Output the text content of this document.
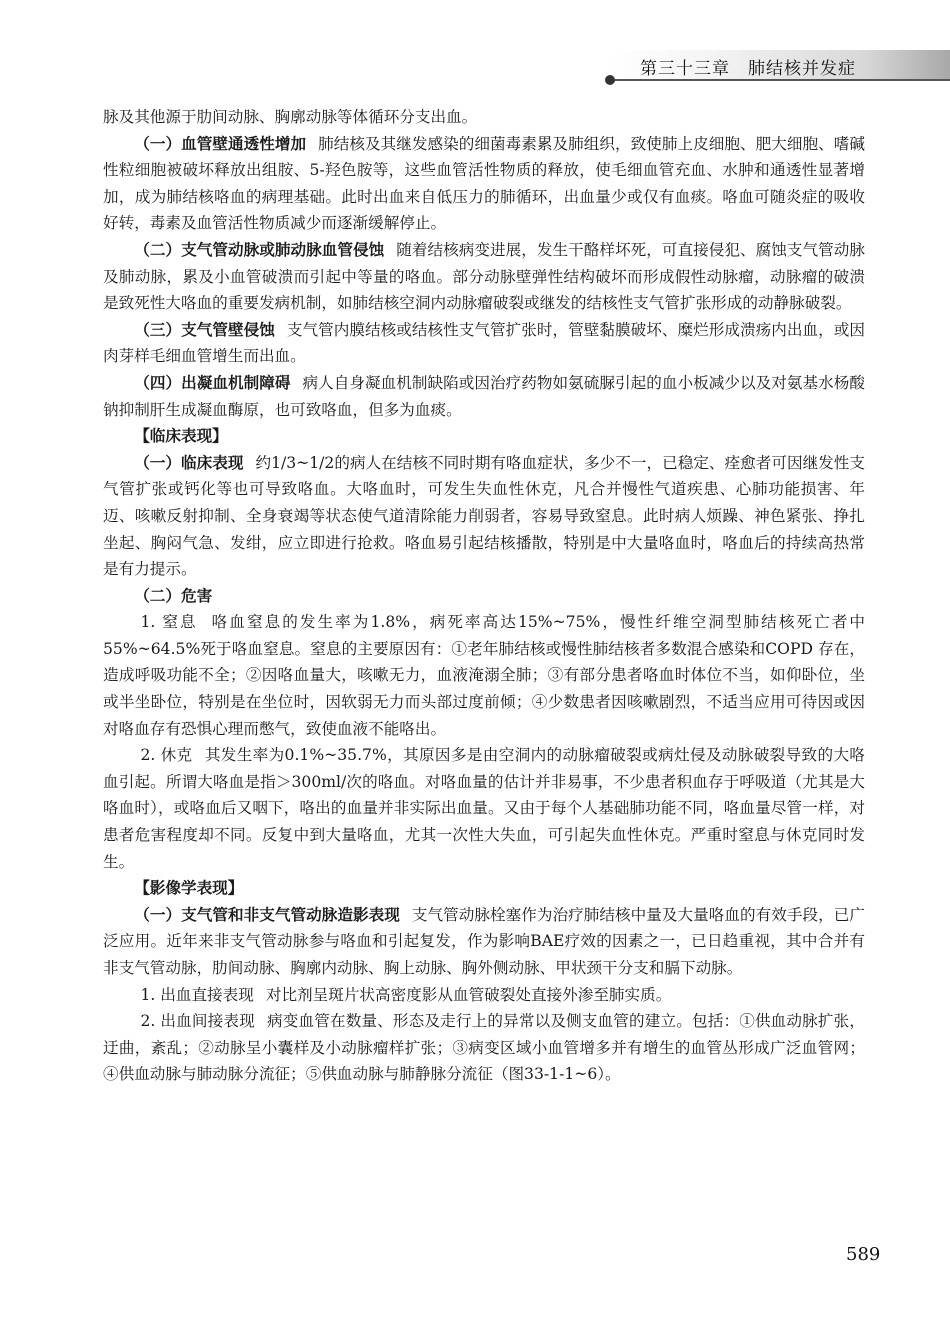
第三十三章 肺结核并发症

脉及其他源于肋间动脉、胸廓动脉等体循环分支出血。

（一）血管壁通透性增加 肺结核及其继发感染的细菌毒素累及肺组织，致使肺上皮细胞、肥大细胞、嗜碱性粒细胞被破坏释放出组胺、5-羟色胺等，这些血管活性物质的释放，使毛细血管充血、水肿和通透性显著增加，成为肺结核咯血的病理基础。此时出血来自低压力的肺循环，出血量少或仅有血痰。咯血可随炎症的吸收好转，毒素及血管活性物质减少而逐渐缓解停止。

（二）支气管动脉或肺动脉血管侵蚀 随着结核病变进展，发生干酪样坏死，可直接侵犯、腐蚀支气管动脉及肺动脉，累及小血管破溃而引起中等量的咯血。部分动脉壁弹性结构破坏而形成假性动脉瘤，动脉瘤的破溃是致死性大咯血的重要发病机制，如肺结核空洞内动脉瘤破裂或继发的结核性支气管扩张形成的动静脉破裂。

（三）支气管壁侵蚀 支气管内膜结核或结核性支气管扩张时，管壁黏膜破坏、糜烂形成溃疡内出血，或因肉芽样毛细血管增生而出血。

（四）出凝血机制障碍 病人自身凝血机制缺陷或因治疗药物如氨硫脲引起的血小板减少以及对氨基水杨酸钠抑制肝生成凝血酶原，也可致咯血，但多为血痰。

【临床表现】

（一）临床表现 约1/3~1/2的病人在结核不同时期有咯血症状，多少不一，已稳定、痊愈者可因继发性支气管扩张或钙化等也可导致咯血。大咯血时，可发生失血性休克，凡合并慢性气道疾患、心肺功能损害、年迈、咳嗽反射抑制、全身衰竭等状态使气道清除能力削弱者，容易导致窒息。此时病人烦躁、神色紧张、挣扎坐起、胸闷气急、发绀，应立即进行抢救。咯血易引起结核播散，特别是中大量咯血时，咯血后的持续高热常是有力提示。

（二）危害

1. 窒息 咯血窒息的发生率为1.8%，病死率高达15%~75%，慢性纤维空洞型肺结核死亡者中55%~64.5%死于咯血窒息。窒息的主要原因有：①老年肺结核或慢性肺结核者多数混合感染和COPD 存在，造成呼吸功能不全；②因咯血量大，咳嗽无力，血液淹溺全肺；③有部分患者咯血时体位不当，如仰卧位，坐或半坐卧位，特别是在坐位时，因软弱无力而头部过度前倾；④少数患者因咳嗽剧烈，不适当应用可待因或因对咯血存有恐惧心理而憋气，致使血液不能咯出。

2. 休克 其发生率为0.1%~35.7%，其原因多是由空洞内的动脉瘤破裂或病灶侵及动脉破裂导致的大咯血引起。所谓大咯血是指＞300ml/次的咯血。对咯血量的估计并非易事，不少患者积血存于呼吸道（尤其是大咯血时），或咯血后又咽下，咯出的血量并非实际出血量。又由于每个人基础肺功能不同，咯血量尽管一样，对患者危害程度却不同。反复中到大量咯血，尤其一次性大失血，可引起失血性休克。严重时窒息与休克同时发生。

【影像学表现】

（一）支气管和非支气管动脉造影表现 支气管动脉栓塞作为治疗肺结核中量及大量咯血的有效手段，已广泛应用。近年来非支气管动脉参与咯血和引起复发，作为影响BAE疗效的因素之一，已日趋重视，其中合并有非支气管动脉，肋间动脉、胸廓内动脉、胸上动脉、胸外侧动脉、甲状颈干分支和膈下动脉。

1. 出血直接表现 对比剂呈斑片状高密度影从血管破裂处直接外渗至肺实质。

2. 出血间接表现 病变血管在数量、形态及走行上的异常以及侧支血管的建立。包括：①供血动脉扩张，迂曲，紊乱；②动脉呈小囊样及小动脉瘤样扩张；③病变区域小血管增多并有增生的血管丛形成广泛血管网；④供血动脉与肺动脉分流征；⑤供血动脉与肺静脉分流征（图33-1-1~6）。

589
